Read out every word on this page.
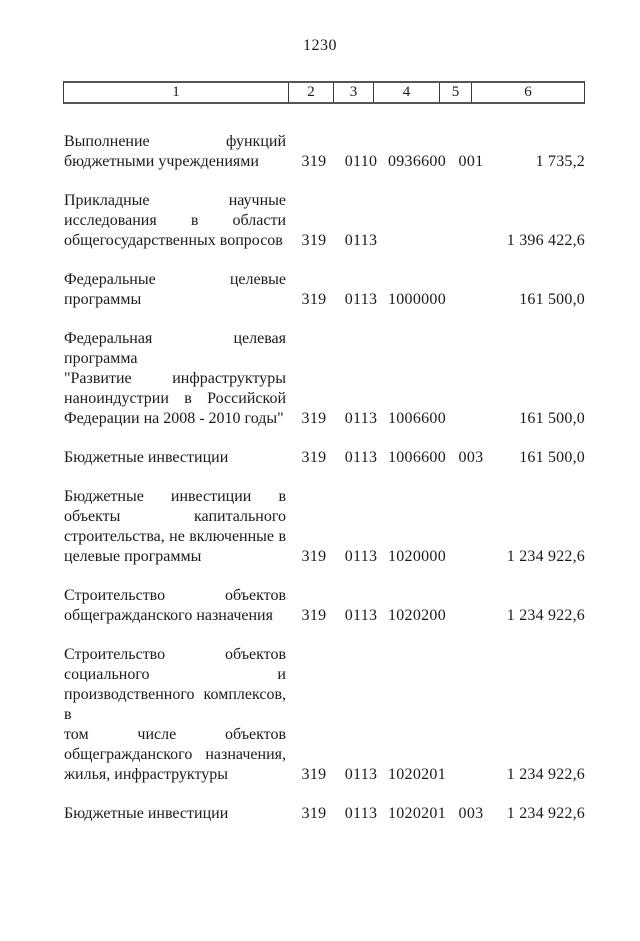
1230
1	2	3	4	5	6
Выполнение функций
бюджетными учреждениями	319	0110 0936600 001	1 735,2
Прикладные научные
исследования в области
общегосударственных вопросов	319	0113	1 396 422,6
Федеральные целевые
программы	319	0113 1000000	161 500,0
Федеральная целевая программа
"Развитие инфраструктуры
наноиндустрии в Российской
Федерации на 2008 - 2010 годы"	319	0113 1006600	161 500,0
Бюджетные инвестиции	319	0113 1006600 003	161 500,0
Бюджетные инвестиции в
объекты капитального
строительства, не включенные в
целевые программы	319	0113 1020000	1 234 922,6
Строительство объектов
общегражданского назначения	319	0113 1020200	1 234 922,6
Строительство объектов
социального и
производственного комплексов, в
том числе объектов
общегражданского назначения,
жилья, инфраструктуры	319	0113 1020201	1 234 922,6
Бюджетные инвестиции	319	0113 1020201 003	1 234 922,6
